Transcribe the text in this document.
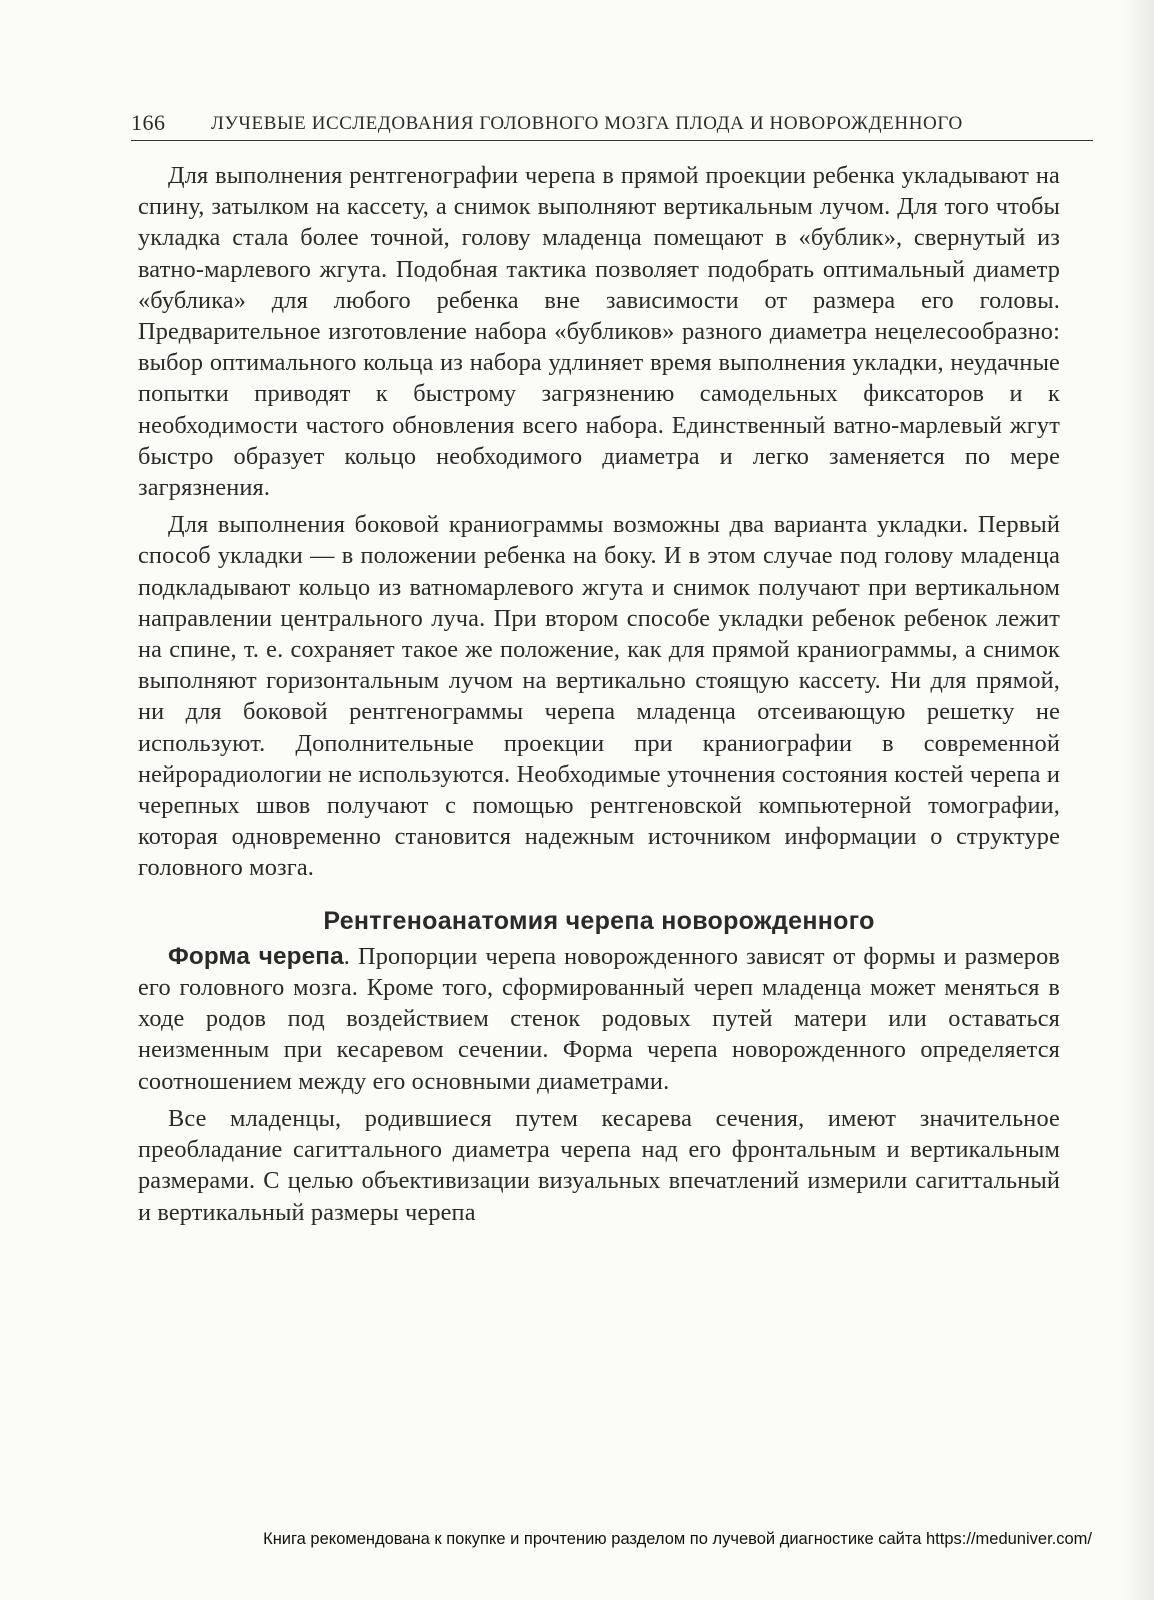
166	ЛУЧЕВЫЕ ИССЛЕДОВАНИЯ ГОЛОВНОГО МОЗГА ПЛОДА И НОВОРОЖДЕННОГО

Для выполнения рентгенографии черепа в прямой проекции ребенка укладывают на спину, затылком на кассету, а снимок выполняют вертикальным лучом. Для того чтобы укладка стала более точной, голову младенца помещают в «бублик», свернутый из ватно-марлевого жгута. Подобная тактика позволяет подобрать оптимальный диаметр «бублика» для любого ребенка вне зависимости от размера его головы. Предварительное изготовление набора «бубликов» разного диаметра нецелесообразно: выбор оптимального кольца из набора удлиняет время выполнения укладки, неудачные попытки приводят к быстрому загрязнению самодельных фиксаторов и к необходимости частого обновления всего набора. Единственный ватно-марлевый жгут быстро образует кольцо необходимого диаметра и легко заменяется по мере загрязнения.

Для выполнения боковой краниограммы возможны два варианта укладки. Первый способ укладки — в положении ребенка на боку. И в этом случае под голову младенца подкладывают кольцо из ватномарлевого жгута и снимок получают при вертикальном направлении центрального луча. При втором способе укладки ребенок ребенок лежит на спине, т. е. сохраняет такое же положение, как для прямой краниограммы, а снимок выполняют горизонтальным лучом на вертикально стоящую кассету. Ни для прямой, ни для боковой рентгенограммы черепа младенца отсеивающую решетку не используют. Дополнительные проекции при краниографии в современной нейрорадиологии не используются. Необходимые уточнения состояния костей черепа и черепных швов получают с помощью рентгеновской компьютерной томографии, которая одновременно становится надежным источником информации о структуре головного мозга.

Рентгеноанатомия черепа новорожденного

Форма черепа. Пропорции черепа новорожденного зависят от формы и размеров его головного мозга. Кроме того, сформированный череп младенца может меняться в ходе родов под воздействием стенок родовых путей матери или оставаться неизменным при кесаревом сечении. Форма черепа новорожденного определяется соотношением между его основными диаметрами.

Все младенцы, родившиеся путем кесарева сечения, имеют значительное преобладание сагиттального диаметра черепа над его фронтальным и вертикальным размерами. С целью объективизации визуальных впечатлений измерили сагиттальный и вертикальный размеры черепа

Книга рекомендована к покупке и прочтению разделом по лучевой диагностике сайта https://meduniver.com/
